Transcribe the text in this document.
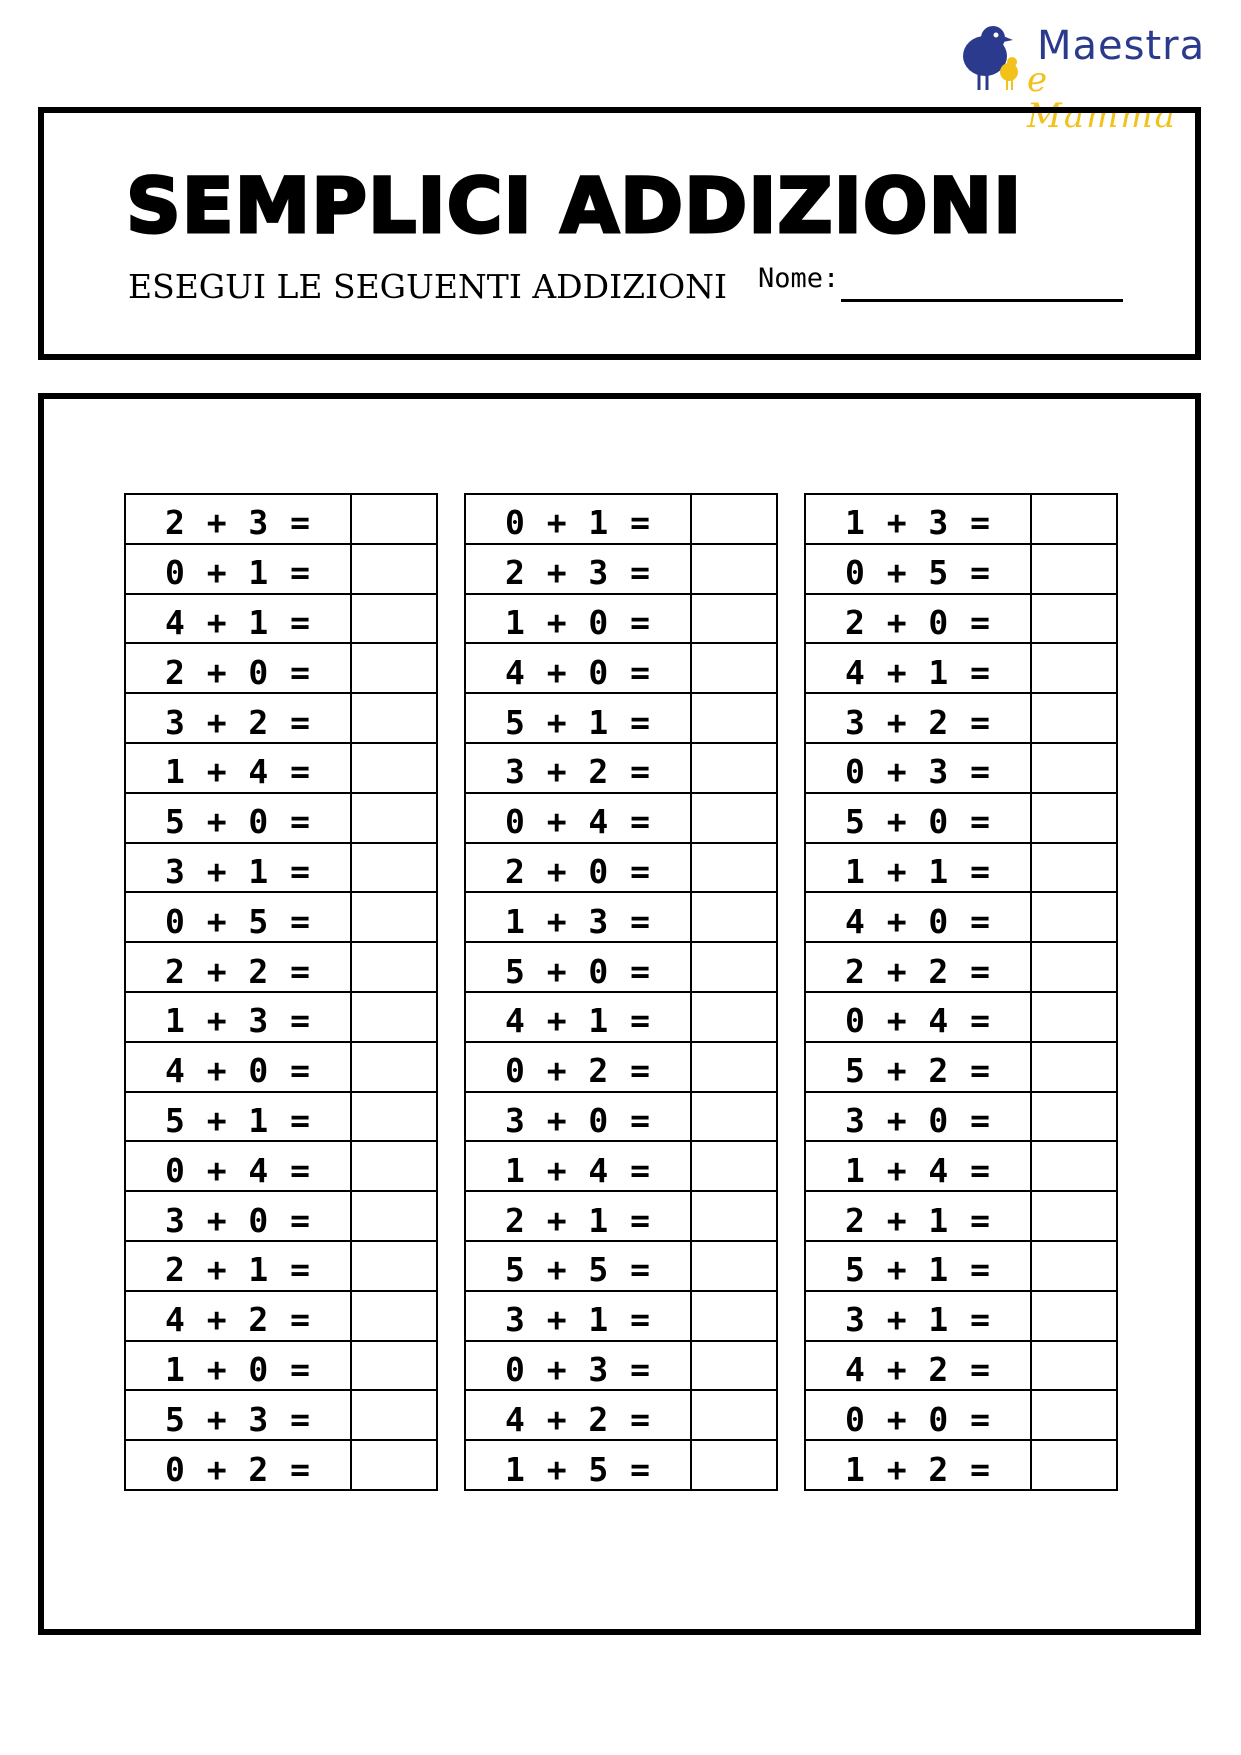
Maestra
e Mamma
SEMPLICI ADDIZIONI
ESEGUI LE SEGUENTI ADDIZIONI Nome:
2 + 3 =	
0 + 1 =	
4 + 1 =	
2 + 0 =	
3 + 2 =	
1 + 4 =	
5 + 0 =	
3 + 1 =	
0 + 5 =	
2 + 2 =	
1 + 3 =	
4 + 0 =	
5 + 1 =	
0 + 4 =	
3 + 0 =	
2 + 1 =	
4 + 2 =	
1 + 0 =	
5 + 3 =	
0 + 2 =	
0 + 1 =	
2 + 3 =	
1 + 0 =	
4 + 0 =	
5 + 1 =	
3 + 2 =	
0 + 4 =	
2 + 0 =	
1 + 3 =	
5 + 0 =	
4 + 1 =	
0 + 2 =	
3 + 0 =	
1 + 4 =	
2 + 1 =	
5 + 5 =	
3 + 1 =	
0 + 3 =	
4 + 2 =	
1 + 5 =	
1 + 3 =	
0 + 5 =	
2 + 0 =	
4 + 1 =	
3 + 2 =	
0 + 3 =	
5 + 0 =	
1 + 1 =	
4 + 0 =	
2 + 2 =	
0 + 4 =	
5 + 2 =	
3 + 0 =	
1 + 4 =	
2 + 1 =	
5 + 1 =	
3 + 1 =	
4 + 2 =	
0 + 0 =	
1 + 2 =	
